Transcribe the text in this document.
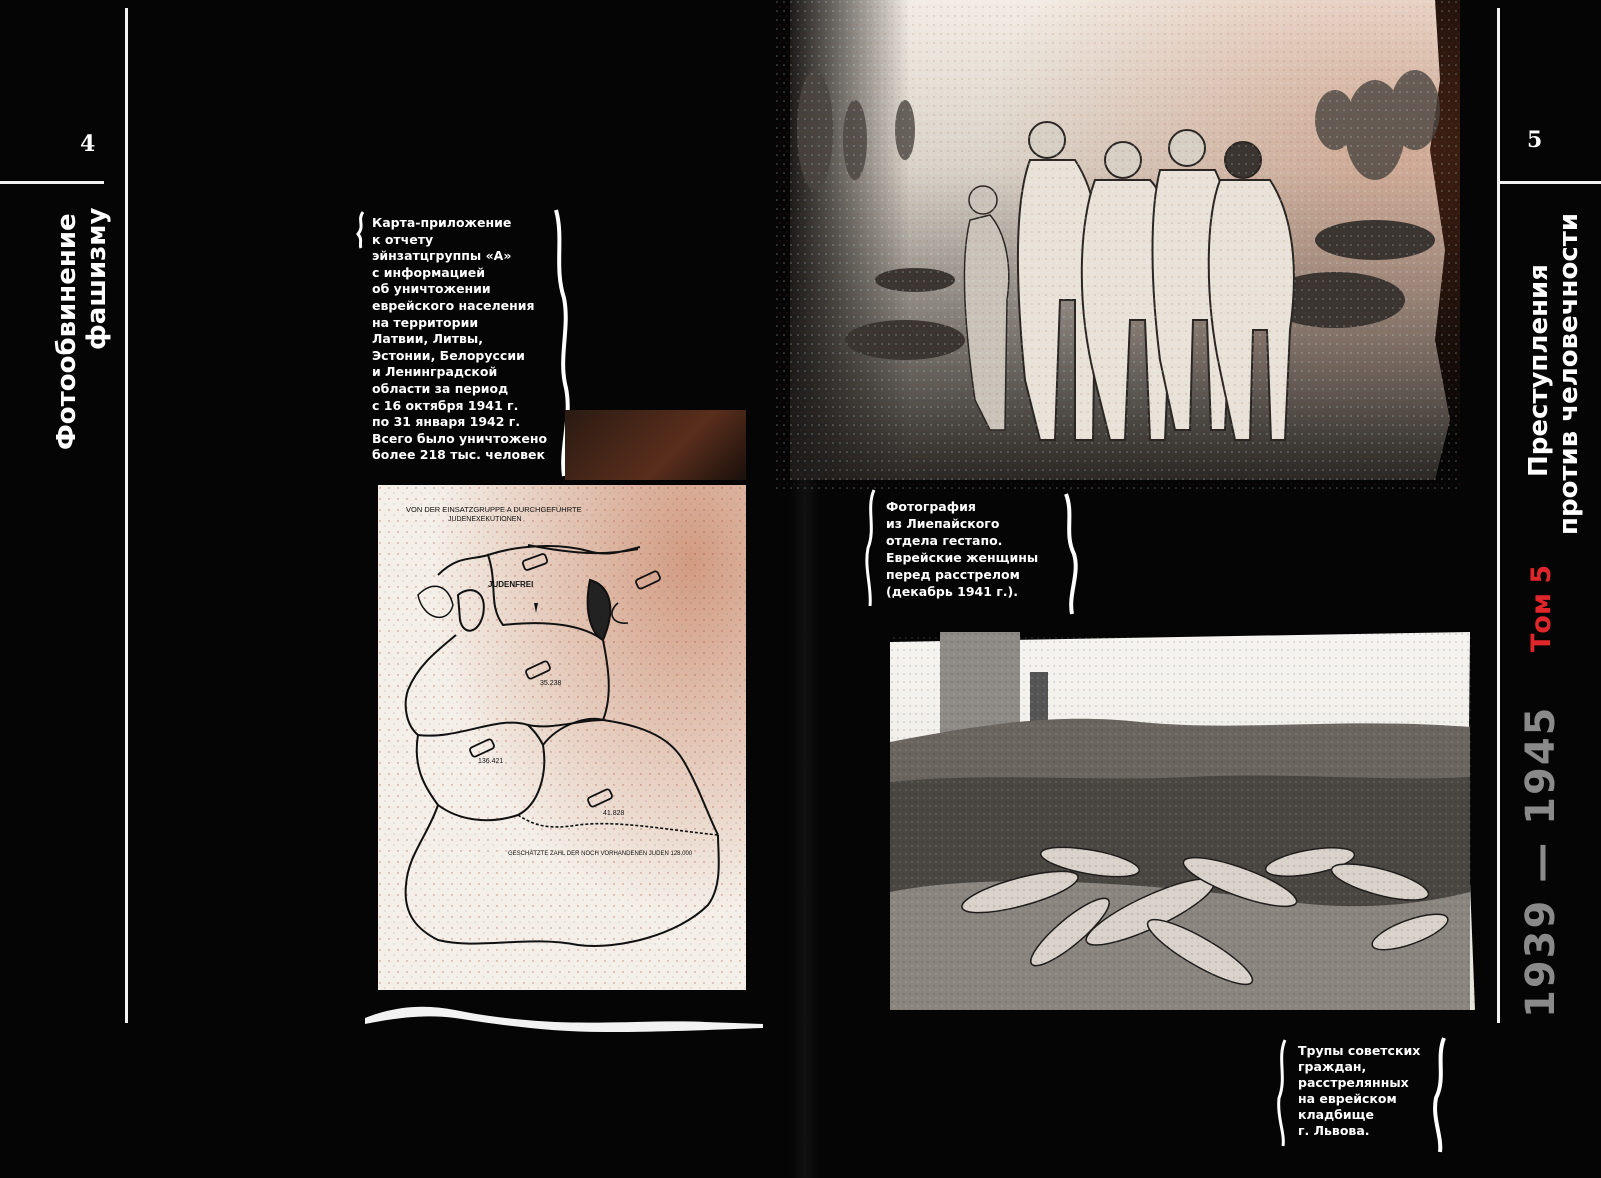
4
Фотообвинение фашизму	Карта-приложение
к отчету
эйнзатцгруппы «А»
с информацией
об уничтожении
еврейского населения
на территории
Латвии, Литвы,
Эстонии, Белоруссии
и Ленинградской
области за период
с 16 октября 1941 г.
по 31 января 1942 г.
Всего было уничтожено
более 218 тыс. человек
VON DER EINSATZGRUPPE A DURCHGEFÜHRTE
JUDENEXEKUTIONEN
JUDENFREI
35.238
136.421
41.828
GESCHÄTZTE ZAHL DER NOCH VORHANDENEN JUDEN 128.000
Фотография
из Лиепайского
отдела гестапо.
Еврейские женщины
перед расстрелом
(декабрь 1941 г.).
Трупы советских
граждан,
расстрелянных
на еврейском
кладбище
г. Львова.
5
Преступления против человечности
Том 5
1939 — 1945
